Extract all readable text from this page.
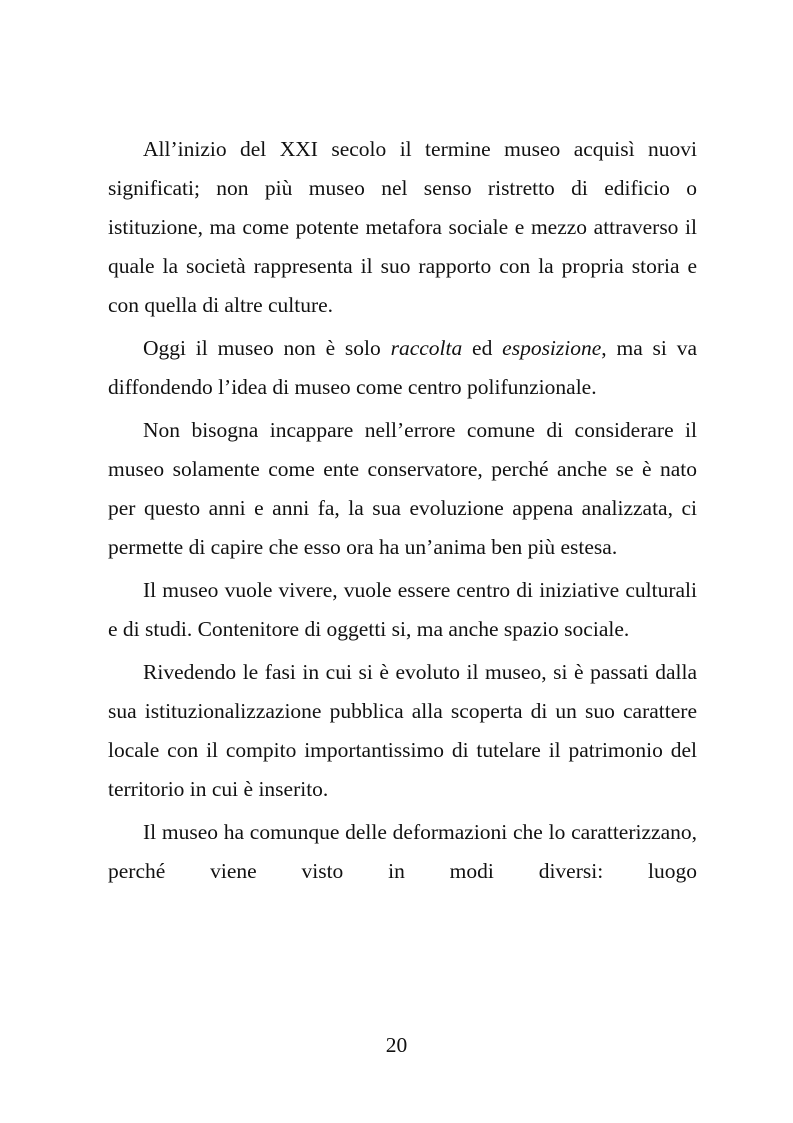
All’inizio del XXI secolo il termine museo acquisì nuovi significati; non più museo nel senso ristretto di edificio o istituzione, ma come potente metafora sociale e mezzo attraverso il quale la società rappresenta il suo rapporto con la propria storia e con quella di altre culture.

Oggi il museo non è solo raccolta ed esposizione, ma si va diffondendo l’idea di museo come centro polifunzionale.

Non bisogna incappare nell’errore comune di considerare il museo solamente come ente conservatore, perché anche se è nato per questo anni e anni fa, la sua evoluzione appena analizzata, ci permette di capire che esso ora ha un’anima ben più estesa.

Il museo vuole vivere, vuole essere centro di iniziative culturali e di studi. Contenitore di oggetti si, ma anche spazio sociale.

Rivedendo le fasi in cui si è evoluto il museo, si è passati dalla sua istituzionalizzazione pubblica alla scoperta di un suo carattere locale con il compito importantissimo di tutelare il patrimonio del territorio in cui è inserito.

Il museo ha comunque delle deformazioni che lo caratterizzano, perché viene visto in modi diversi: luogo

20
